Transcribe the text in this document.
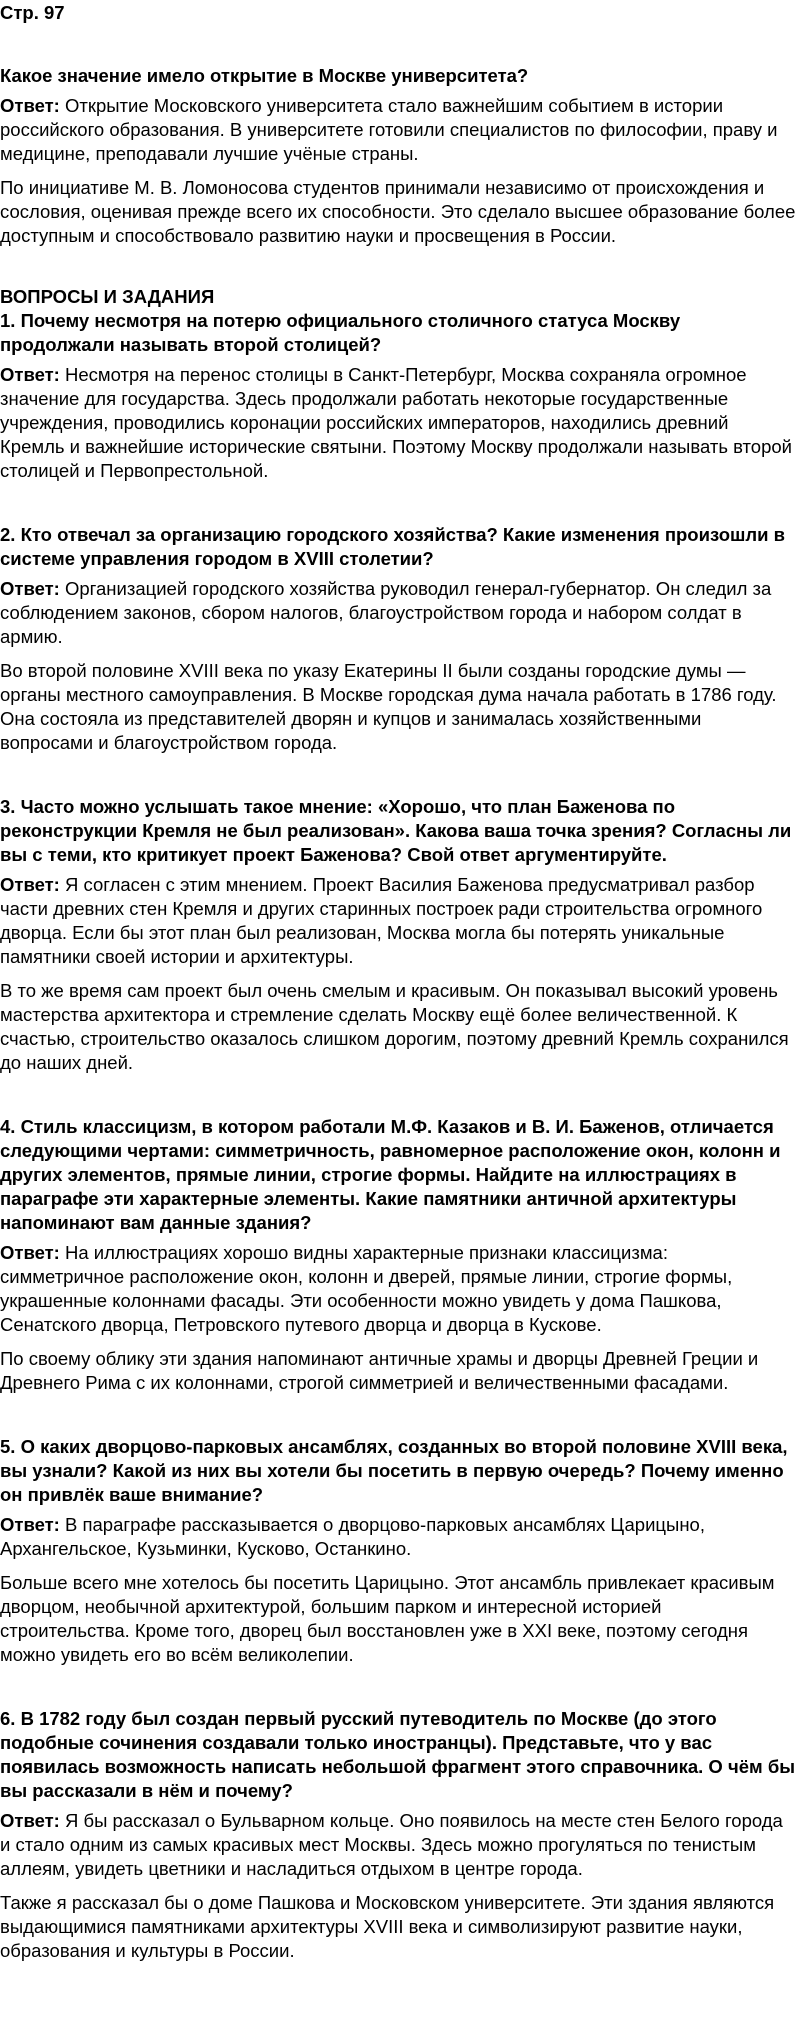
Стр. 97
Какое значение имело открытие в Москве университета?
Ответ: Открытие Московского университета стало важнейшим событием в истории российского образования. В университете готовили специалистов по философии, праву и медицине, преподавали лучшие учёные страны.
По инициативе М. В. Ломоносова студентов принимали независимо от происхождения и сословия, оценивая прежде всего их способности. Это сделало высшее образование более доступным и способствовало развитию науки и просвещения в России.
ВОПРОСЫ И ЗАДАНИЯ
1. Почему несмотря на потерю официального столичного статуса Москву продолжали называть второй столицей?
Ответ: Несмотря на перенос столицы в Санкт-Петербург, Москва сохраняла огромное значение для государства. Здесь продолжали работать некоторые государственные учреждения, проводились коронации российских императоров, находились древний Кремль и важнейшие исторические святыни. Поэтому Москву продолжали называть второй столицей и Первопрестольной.
2. Кто отвечал за организацию городского хозяйства? Какие изменения произошли в системе управления городом в XVIII столетии?
Ответ: Организацией городского хозяйства руководил генерал-губернатор. Он следил за соблюдением законов, сбором налогов, благоустройством города и набором солдат в армию.
Во второй половине XVIII века по указу Екатерины II были созданы городские думы — органы местного самоуправления. В Москве городская дума начала работать в 1786 году. Она состояла из представителей дворян и купцов и занималась хозяйственными вопросами и благоустройством города.
3. Часто можно услышать такое мнение: «Хорошо, что план Баженова по реконструкции Кремля не был реализован». Какова ваша точка зрения? Согласны ли вы с теми, кто критикует проект Баженова? Свой ответ аргументируйте.
Ответ: Я согласен с этим мнением. Проект Василия Баженова предусматривал разбор части древних стен Кремля и других старинных построек ради строительства огромного дворца. Если бы этот план был реализован, Москва могла бы потерять уникальные памятники своей истории и архитектуры.
В то же время сам проект был очень смелым и красивым. Он показывал высокий уровень мастерства архитектора и стремление сделать Москву ещё более величественной. К счастью, строительство оказалось слишком дорогим, поэтому древний Кремль сохранился до наших дней.
4. Стиль классицизм, в котором работали М.Ф. Казаков и В. И. Баженов, отличается следующими чертами: симметричность, равномерное расположение окон, колонн и других элементов, прямые линии, строгие формы. Найдите на иллюстрациях в параграфе эти характерные элементы. Какие памятники античной архитектуры напоминают вам данные здания?
Ответ: На иллюстрациях хорошо видны характерные признаки классицизма: симметричное расположение окон, колонн и дверей, прямые линии, строгие формы, украшенные колоннами фасады. Эти особенности можно увидеть у дома Пашкова, Сенатского дворца, Петровского путевого дворца и дворца в Кускове.
По своему облику эти здания напоминают античные храмы и дворцы Древней Греции и Древнего Рима с их колоннами, строгой симметрией и величественными фасадами.
5. О каких дворцово-парковых ансамблях, созданных во второй половине XVIII века, вы узнали? Какой из них вы хотели бы посетить в первую очередь? Почему именно он привлёк ваше внимание?
Ответ: В параграфе рассказывается о дворцово-парковых ансамблях Царицыно, Архангельское, Кузьминки, Кусково, Останкино.
Больше всего мне хотелось бы посетить Царицыно. Этот ансамбль привлекает красивым дворцом, необычной архитектурой, большим парком и интересной историей строительства. Кроме того, дворец был восстановлен уже в XXI веке, поэтому сегодня можно увидеть его во всём великолепии.
6. В 1782 году был создан первый русский путеводитель по Москве (до этого подобные сочинения создавали только иностранцы). Представьте, что у вас появилась возможность написать небольшой фрагмент этого справочника. О чём бы вы рассказали в нём и почему?
Ответ: Я бы рассказал о Бульварном кольце. Оно появилось на месте стен Белого города и стало одним из самых красивых мест Москвы. Здесь можно прогуляться по тенистым аллеям, увидеть цветники и насладиться отдыхом в центре города.
Также я рассказал бы о доме Пашкова и Московском университете. Эти здания являются выдающимися памятниками архитектуры XVIII века и символизируют развитие науки, образования и культуры в России.
